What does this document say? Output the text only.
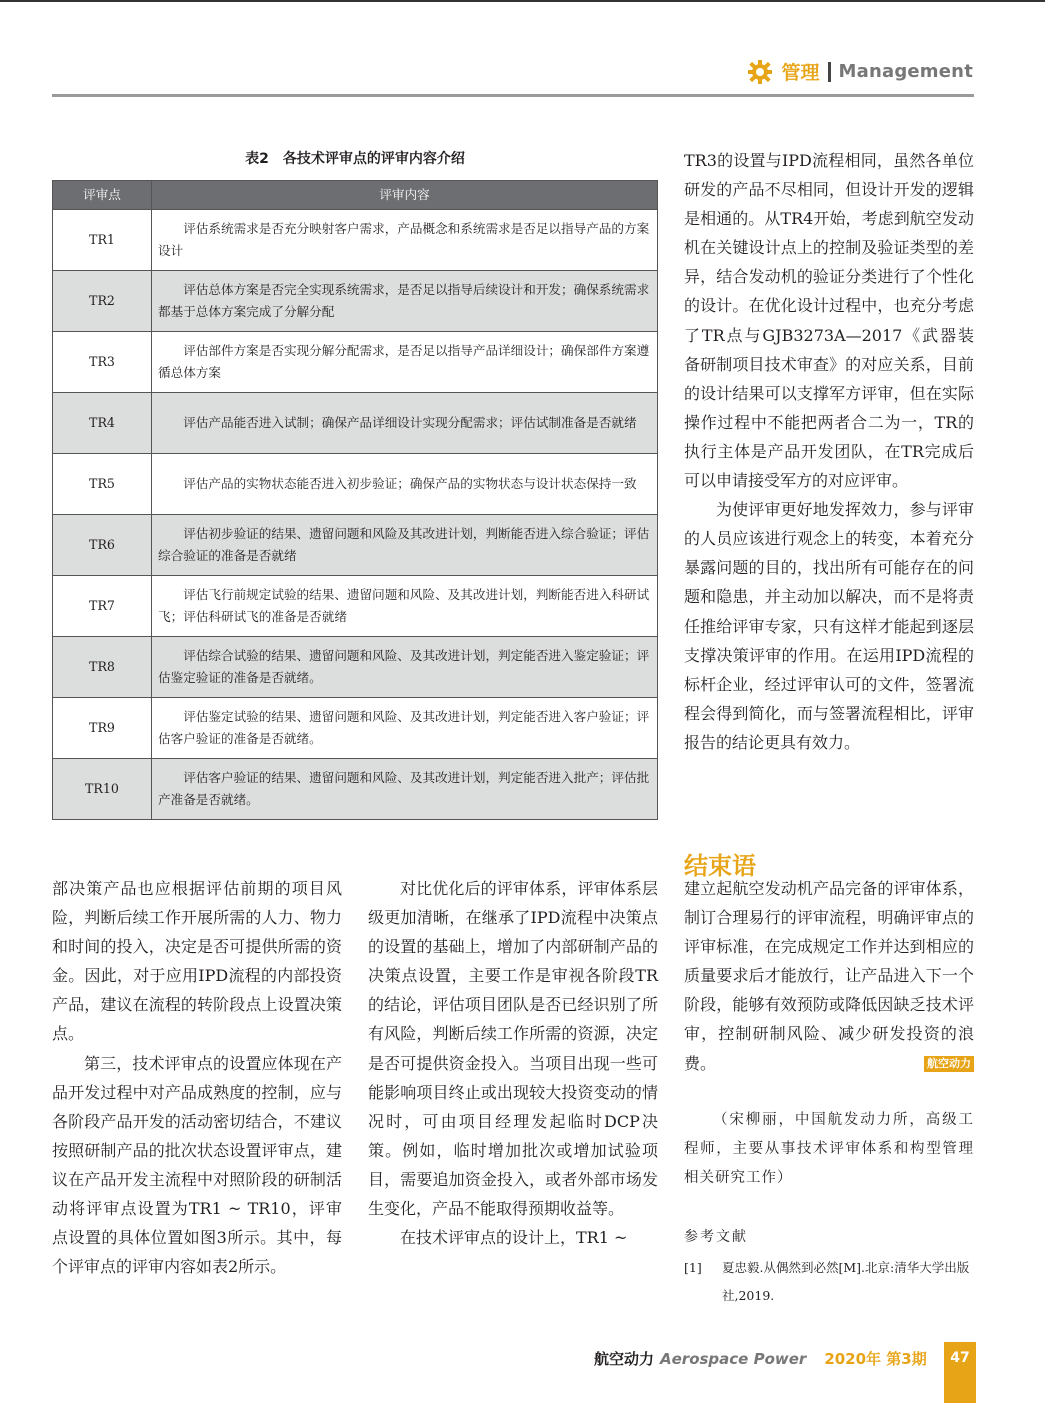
管理 Management
表2　各技术评审点的评审内容介绍
评审点	评审内容
TR1	评估系统需求是否充分映射客户需求，产品概念和系统需求是否足以指导产品的方案设计
TR2	评估总体方案是否完全实现系统需求，是否足以指导后续设计和开发；确保系统需求都基于总体方案完成了分解分配
TR3	评估部件方案是否实现分解分配需求，是否足以指导产品详细设计；确保部件方案遵循总体方案
TR4	评估产品能否进入试制；确保产品详细设计实现分配需求；评估试制准备是否就绪
TR5	评估产品的实物状态能否进入初步验证；确保产品的实物状态与设计状态保持一致
TR6	评估初步验证的结果、遗留问题和风险及其改进计划，判断能否进入综合验证；评估综合验证的准备是否就绪
TR7	评估飞行前规定试验的结果、遗留问题和风险、及其改进计划，判断能否进入科研试飞；评估科研试飞的准备是否就绪
TR8	评估综合试验的结果、遗留问题和风险、及其改进计划，判定能否进入鉴定验证；评估鉴定验证的准备是否就绪。
TR9	评估鉴定试验的结果、遗留问题和风险、及其改进计划，判定能否进入客户验证；评估客户验证的准备是否就绪。
TR10	评估客户验证的结果、遗留问题和风险、及其改进计划，判定能否进入批产；评估批产准备是否就绪。

部决策产品也应根据评估前期的项目风险，判断后续工作开展所需的人力、物力和时间的投入，决定是否可提供所需的资金。因此，对于应用IPD流程的内部投资产品，建议在流程的转阶段点上设置决策点。

第三，技术评审点的设置应体现在产品开发过程中对产品成熟度的控制，应与各阶段产品开发的活动密切结合，不建议按照研制产品的批次状态设置评审点，建议在产品开发主流程中对照阶段的研制活动将评审点设置为TR1 ~ TR10，评审点设置的具体位置如图3所示。其中，每个评审点的评审内容如表2所示。

对比优化后的评审体系，评审体系层级更加清晰，在继承了IPD流程中决策点的设置的基础上，增加了内部研制产品的决策点设置，主要工作是审视各阶段TR的结论，评估项目团队是否已经识别了所有风险，判断后续工作所需的资源，决定是否可提供资金投入。当项目出现一些可能影响项目终止或出现较大投资变动的情况时，可由项目经理发起临时DCP决策。例如，临时增加批次或增加试验项目，需要追加资金投入，或者外部市场发生变化，产品不能取得预期收益等。

在技术评审点的设计上，TR1 ~

TR3的设置与IPD流程相同，虽然各单位研发的产品不尽相同，但设计开发的逻辑是相通的。从TR4开始，考虑到航空发动机在关键设计点上的控制及验证类型的差异，结合发动机的验证分类进行了个性化的设计。在优化设计过程中，也充分考虑了TR点与GJB3273A—2017《武器装备研制项目技术审查》的对应关系，目前的设计结果可以支撑军方评审，但在实际操作过程中不能把两者合二为一，TR的执行主体是产品开发团队，在TR完成后可以申请接受军方的对应评审。

为使评审更好地发挥效力，参与评审的人员应该进行观念上的转变，本着充分暴露问题的目的，找出所有可能存在的问题和隐患，并主动加以解决，而不是将责任推给评审专家，只有这样才能起到逐层支撑决策评审的作用。在运用IPD流程的标杆企业，经过评审认可的文件，签署流程会得到简化，而与签署流程相比，评审报告的结论更具有效力。

结束语

建立起航空发动机产品完备的评审体系，制订合理易行的评审流程，明确评审点的评审标准，在完成规定工作并达到相应的质量要求后才能放行，让产品进入下一个阶段，能够有效预防或降低因缺乏技术评审，控制研制风险、减少研发投资的浪费。	航空动力

（宋柳丽，中国航发动力所，高级工程师，主要从事技术评审体系和构型管理相关研究工作）
参考文献
[1] 夏忠毅.从偶然到必然[M].北京:清华大学出版社,2019.
航空动力 Aerospace Power 2020年 第3期	47
